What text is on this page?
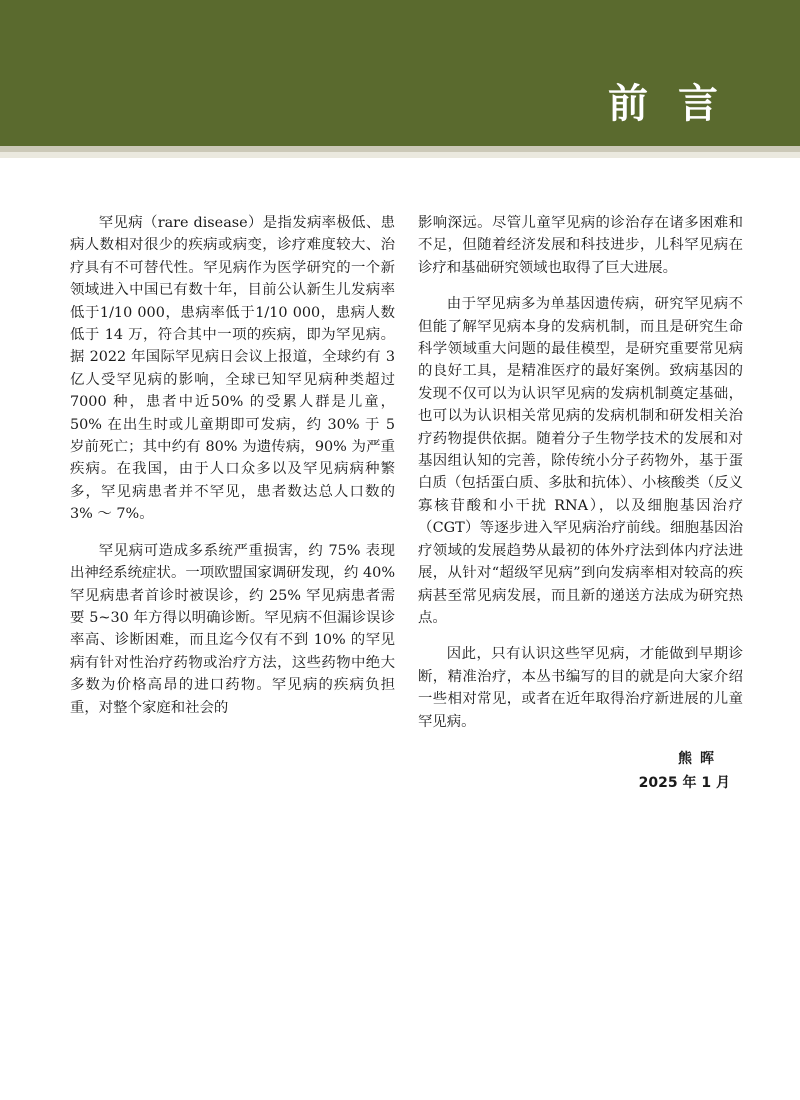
前言

罕见病（rare disease）是指发病率极低、患病人数相对很少的疾病或病变，诊疗难度较大、治疗具有不可替代性。罕见病作为医学研究的一个新领域进入中国已有数十年，目前公认新生儿发病率低于1/10 000，患病率低于1/10 000，患病人数低于 14 万，符合其中一项的疾病，即为罕见病。据 2022 年国际罕见病日会议上报道，全球约有 3 亿人受罕见病的影响，全球已知罕见病种类超过 7000 种，患者中近50% 的受累人群是儿童，50% 在出生时或儿童期即可发病，约 30% 于 5 岁前死亡；其中约有 80% 为遗传病，90% 为严重疾病。在我国，由于人口众多以及罕见病病种繁多，罕见病患者并不罕见，患者数达总人口数的 3% ～ 7%。

罕见病可造成多系统严重损害，约 75% 表现出神经系统症状。一项欧盟国家调研发现，约 40% 罕见病患者首诊时被误诊，约 25% 罕见病患者需要 5~30 年方得以明确诊断。罕见病不但漏诊误诊率高、诊断困难，而且迄今仅有不到 10% 的罕见病有针对性治疗药物或治疗方法，这些药物中绝大多数为价格高昂的进口药物。罕见病的疾病负担重，对整个家庭和社会的

影响深远。尽管儿童罕见病的诊治存在诸多困难和不足，但随着经济发展和科技进步，儿科罕见病在诊疗和基础研究领域也取得了巨大进展。

由于罕见病多为单基因遗传病，研究罕见病不但能了解罕见病本身的发病机制，而且是研究生命科学领域重大问题的最佳模型，是研究重要常见病的良好工具，是精准医疗的最好案例。致病基因的发现不仅可以为认识罕见病的发病机制奠定基础，也可以为认识相关常见病的发病机制和研发相关治疗药物提供依据。随着分子生物学技术的发展和对基因组认知的完善，除传统小分子药物外，基于蛋白质（包括蛋白质、多肽和抗体）、小核酸类（反义寡核苷酸和小干扰 RNA），以及细胞基因治疗（CGT）等逐步进入罕见病治疗前线。细胞基因治疗领域的发展趋势从最初的体外疗法到体内疗法进展，从针对“超级罕见病”到向发病率相对较高的疾病甚至常见病发展，而且新的递送方法成为研究热点。

因此，只有认识这些罕见病，才能做到早期诊断，精准治疗，本丛书编写的目的就是向大家介绍一些相对常见，或者在近年取得治疗新进展的儿童罕见病。

熊晖

2025 年 1 月
